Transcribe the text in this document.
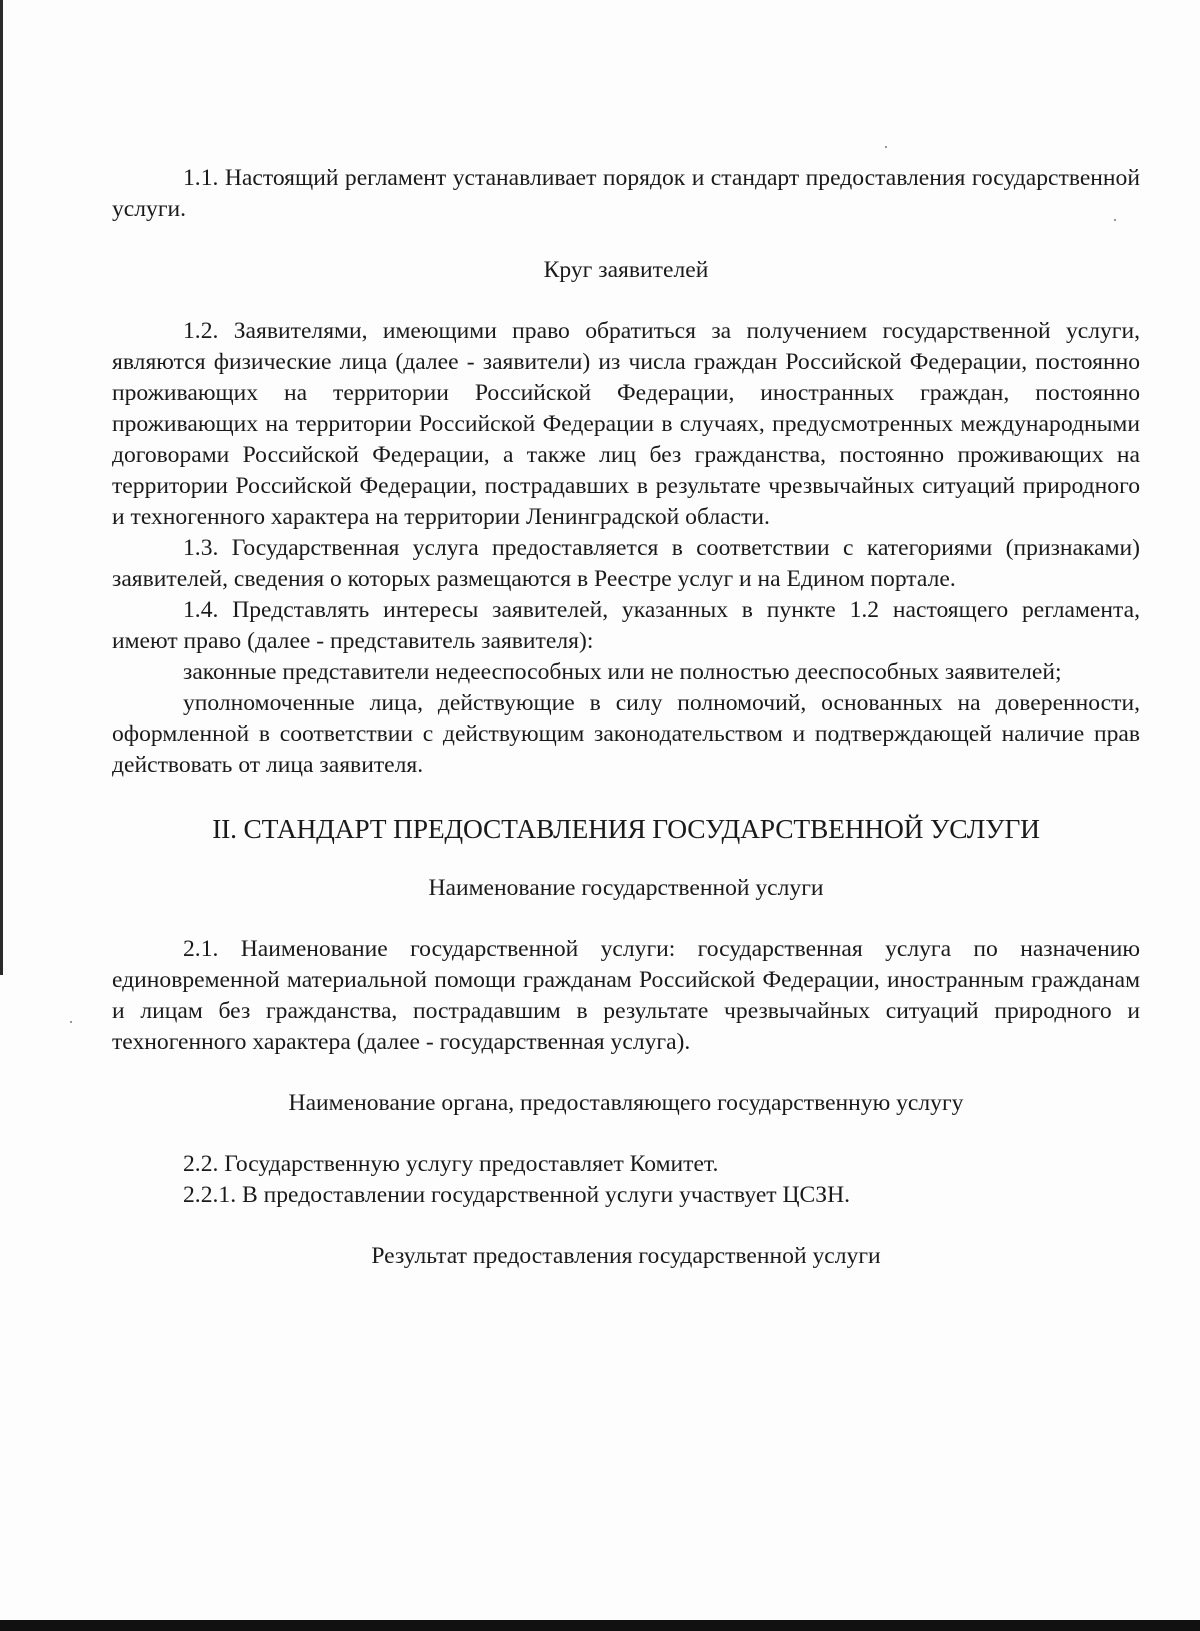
1.1. Настоящий регламент устанавливает порядок и стандарт предоставления государственной услуги.

Круг заявителей

1.2. Заявителями, имеющими право обратиться за получением государственной услуги, являются физические лица (далее - заявители) из числа граждан Российской Федерации, постоянно проживающих на территории Российской Федерации, иностранных граждан, постоянно проживающих на территории Российской Федерации в случаях, предусмотренных международными договорами Российской Федерации, а также лиц без гражданства, постоянно проживающих на территории Российской Федерации, пострадавших в результате чрезвычайных ситуаций природного и техногенного характера на территории Ленинградской области.

1.3. Государственная услуга предоставляется в соответствии с категориями (признаками) заявителей, сведения о которых размещаются в Реестре услуг и на Едином портале.

1.4. Представлять интересы заявителей, указанных в пункте 1.2 настоящего регламента, имеют право (далее - представитель заявителя):

законные представители недееспособных или не полностью дееспособных заявителей;

уполномоченные лица, действующие в силу полномочий, основанных на доверенности, оформленной в соответствии с действующим законодательством и подтверждающей наличие прав действовать от лица заявителя.

II. СТАНДАРТ ПРЕДОСТАВЛЕНИЯ ГОСУДАРСТВЕННОЙ УСЛУГИ

Наименование государственной услуги

2.1. Наименование государственной услуги: государственная услуга по назначению единовременной материальной помощи гражданам Российской Федерации, иностранным гражданам и лицам без гражданства, пострадавшим в результате чрезвычайных ситуаций природного и техногенного характера (далее - государственная услуга).

Наименование органа, предоставляющего государственную услугу

2.2. Государственную услугу предоставляет Комитет.

2.2.1. В предоставлении государственной услуги участвует ЦСЗН.

Результат предоставления государственной услуги
